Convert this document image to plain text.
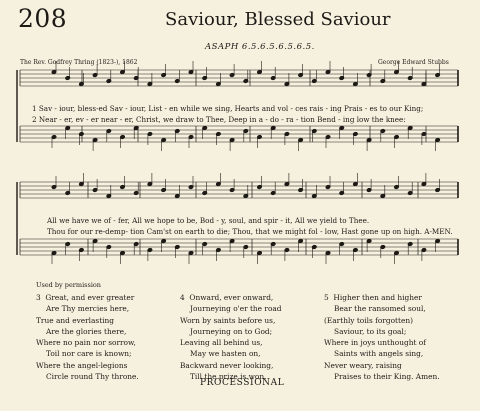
208	Saviour, Blessed Saviour
ASAPH 6.5.6.5.6.5.6.5.
The Rev. Godfrey Thring (1823-), 1862	George Edward Stubbs
1 Sav - iour, bless-ed Sav - iour, List - en while we sing, Hearts and vol - ces rais - ing Prais - es to our King;
2 Near - er, ev - er near - er, Christ, we draw to Thee, Deep in a - do - ra - tion Bend - ing low the knee:
All we have we of - fer, All we hope to be, Bod - y, soul, and spir - it, All we yield to Thee.
Thou for our re-demp- tion Cam'st on earth to die; Thou, that we might fol - low, Hast gone up on high. A-MEN.
Used by permission
3 Great, and ever greater
Are Thy mercies here,
True and everlasting
Are the glories there,
Where no pain nor sorrow,
Toil nor care is known;
Where the angel-legions
Circle round Thy throne.
4 Onward, ever onward,
Journeying o'er the road
Worn by saints before us,
Journeying on to God;
Leaving all behind us,
May we hasten on,
Backward never looking,
Till the prize is won.
5 Higher then and higher
Bear the ransomed soul,
(Earthly toils forgotten)
Saviour, to its goal;
Where in joys unthought of
Saints with angels sing,
Never weary, raising
Praises to their King. Amen.
PROCESSIONAL
